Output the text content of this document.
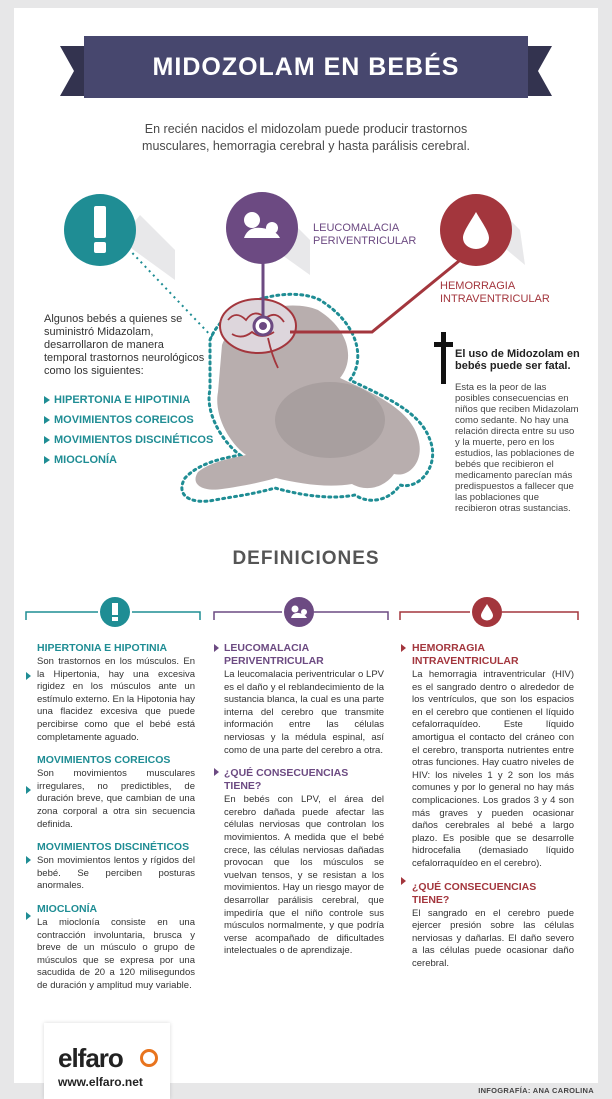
MIDOZOLAM EN BEBÉS

En recién nacidos el midozolam puede producir trastornos musculares, hemorragia cerebral y hasta parálisis cerebral.

LEUCOMALACIA
PERIVENTRICULAR
HEMORRAGIA
INTRAVENTRICULAR

Algunos bebés a quienes se suministró Midazolam, desarrollaron de manera temporal trastornos neurológicos como los siguientes:

HIPERTONIA E HIPOTINIA
MOVIMIENTOS COREICOS
MOVIMIENTOS DISCINÉTICOS
MIOCLONÍA

El uso de Midozolam en bebés puede ser fatal.

Esta es la peor de las posibles consecuencias en niños que reciben Midazolam como sedante. No hay una relación directa entre su uso y la muerte, pero en los estudios, las poblaciones de bebés que recibieron el medicamento parecían más predispuestos a fallecer que las poblaciones que recibieron otras sustancias.

DEFINICIONES
HIPERTONIA E HIPOTINIA

Son trastornos en los músculos. En la Hipertonia, hay una excesiva rigidez en los músculos ante un estímulo externo. En la Hipotonia hay una flacidez excesiva que puede percibirse como que el bebé está completamente aguado.

MOVIMIENTOS COREICOS

Son movimientos musculares irregulares, no predictibles, de duración breve, que cambian de una zona corporal a otra sin secuencia definida.

MOVIMIENTOS DISCINÉTICOS

Son movimientos lentos y rígidos del bebé. Se perciben posturas anormales.

MIOCLONÍA

La mioclonía consiste en una contracción involuntaria, brusca y breve de un músculo o grupo de músculos que se expresa por una sacudida de 20 a 120 milisegundos de duración y amplitud muy variable.

LEUCOMALACIA PERIVENTRICULAR

La leucomalacia periventricular o LPV es el daño y el reblandecimiento de la sustancia blanca, la cual es una parte interna del cerebro que transmite información entre las células nerviosas y la médula espinal, así como de una parte del cerebro a otra.

¿QUÉ CONSECUENCIAS TIENE?

En bebés con LPV, el área del cerebro dañada puede afectar las células nerviosas que controlan los movimientos. A medida que el bebé crece, las células nerviosas dañadas provocan que los músculos se vuelvan tensos, y se resistan a los movimientos. Hay un riesgo mayor de desarrollar parálisis cerebral, que impediría que el niño controle sus músculos normalmente, y que podría verse acompañado de dificultades intelectuales o de aprendizaje.

HEMORRAGIA INTRAVENTRICULAR

La hemorragia intraventricular (HIV) es el sangrado dentro o alrededor de los ventrículos, que son los espacios en el cerebro que contienen el líquido cefalorraquídeo. Este líquido amortigua el contacto del cráneo con el cerebro, transporta nutrientes entre otras funciones. Hay cuatro niveles de HIV: los niveles 1 y 2 son los más comunes y por lo general no hay más complicaciones. Los grados 3 y 4 son más graves y pueden ocasionar daños cerebrales al bebé a largo plazo. Es posible que se desarrolle hidrocefalia (demasiado líquido cefalorraquídeo en el cerebro).

¿QUÉ CONSECUENCIAS TIENE?

El sangrado en el cerebro puede ejercer presión sobre las células nerviosas y dañarlas. El daño severo a las células puede ocasionar daño cerebral.

elfaro
www.elfaro.net
INFOGRAFÍA: ANA CAROLINA
